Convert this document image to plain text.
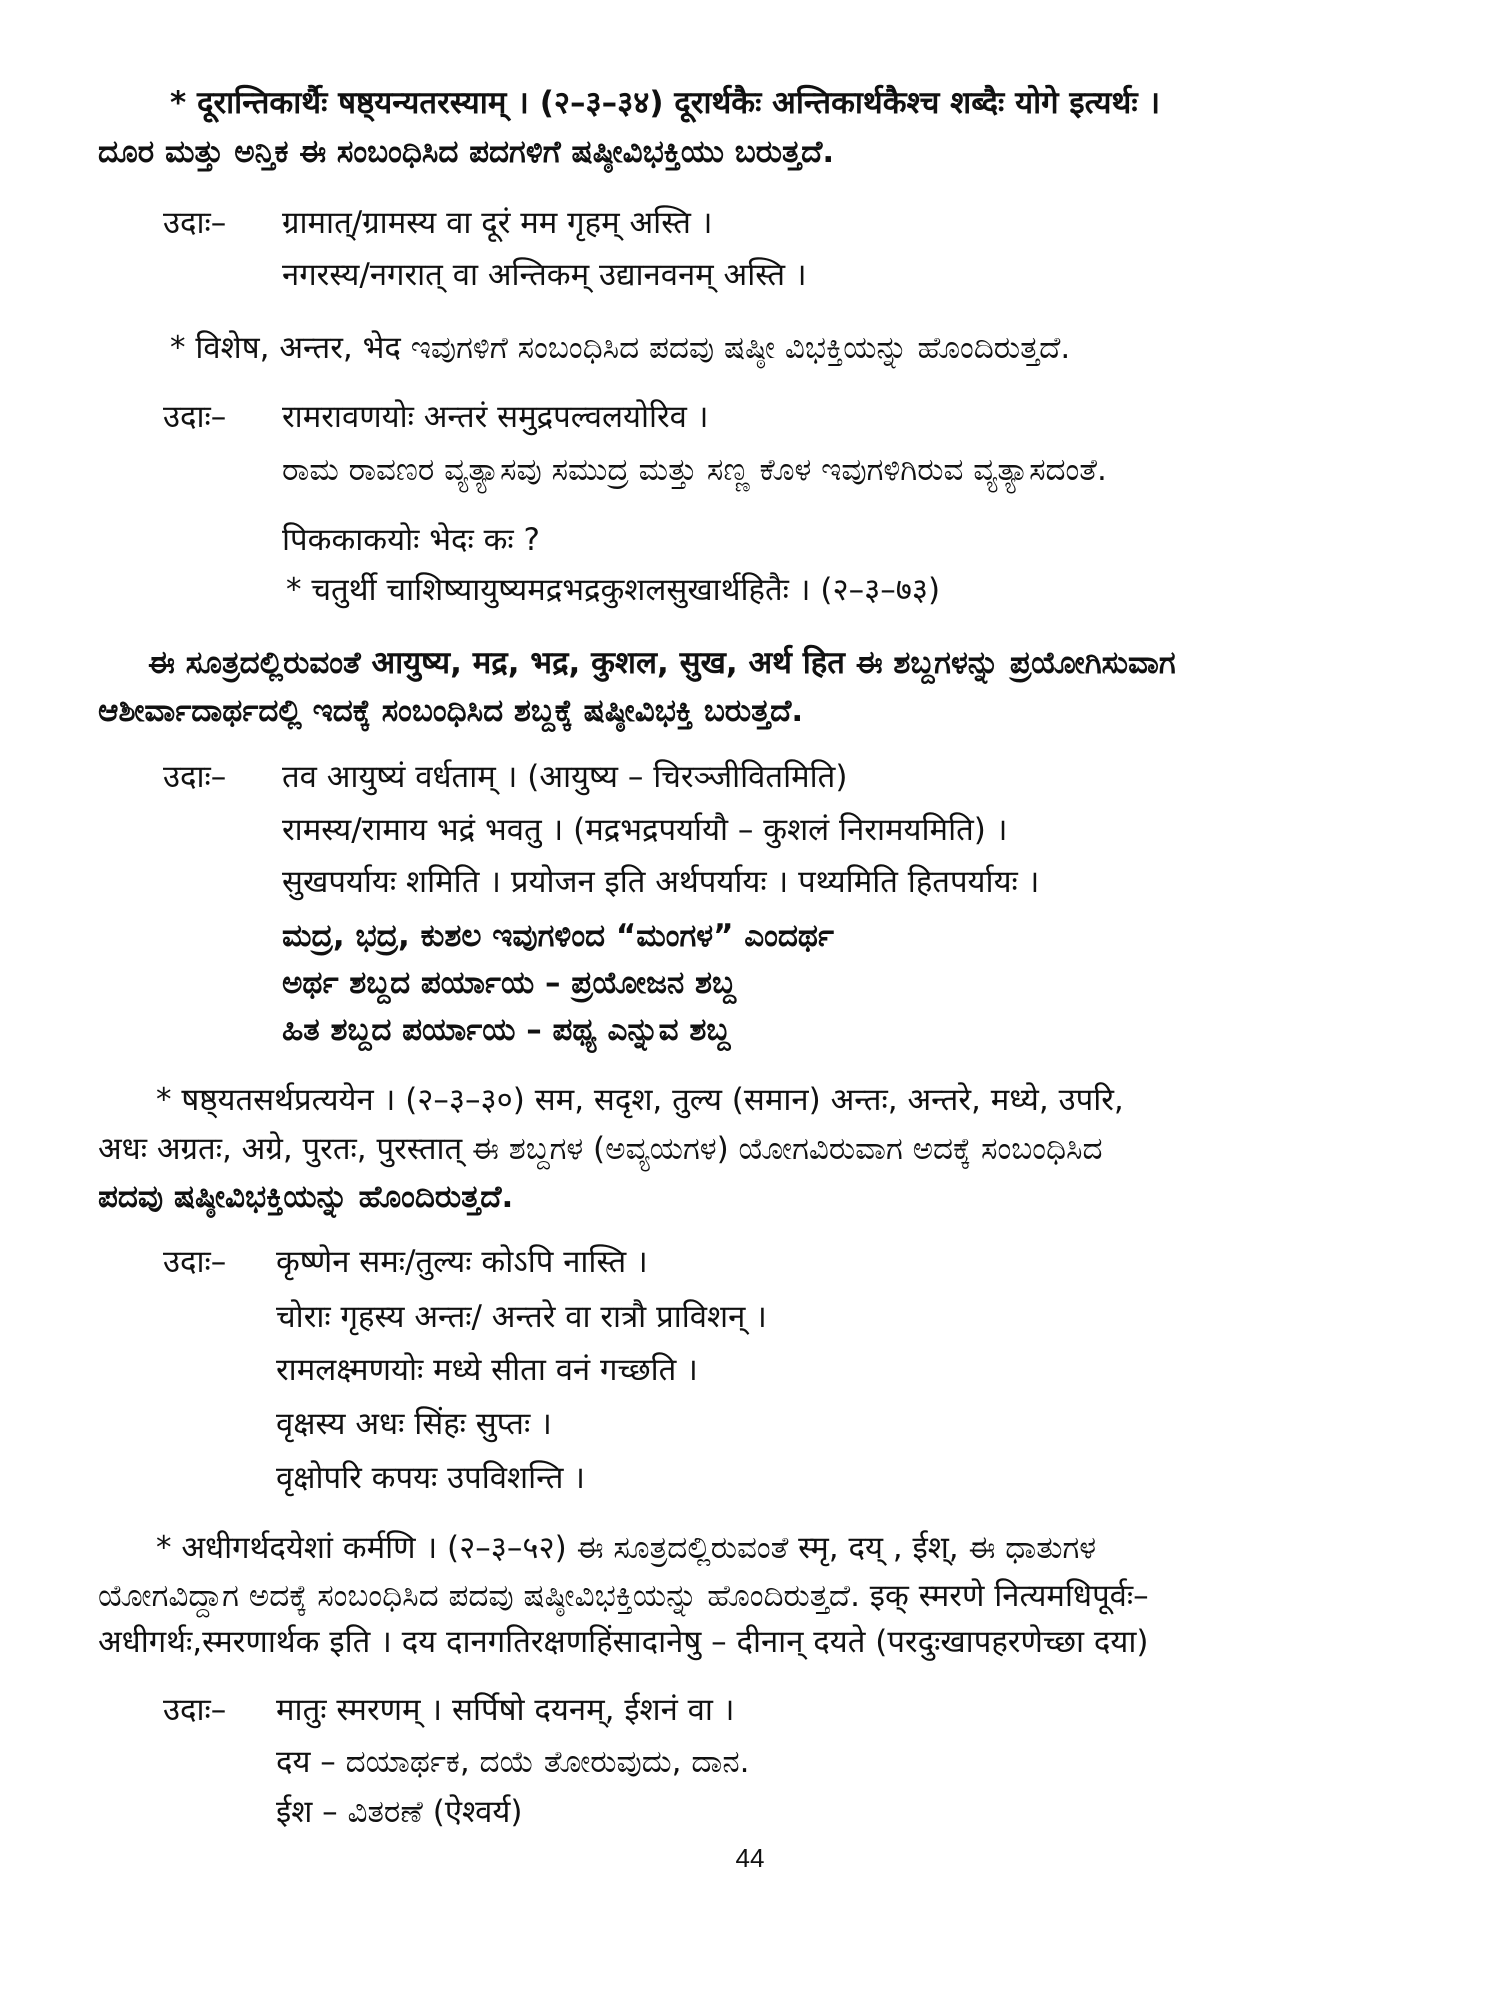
* दूरान्तिकार्थैः षष्ठ्यन्यतरस्याम् । (२–३–३४) दूरार्थकैः अन्तिकार्थकैश्च शब्दैः योगे इत्यर्थः ।
ದೂರ ಮತ್ತು ಅನ್ತಿಕ ಈ ಸಂಬಂಧಿಸಿದ ಪದಗಳಿಗೆ ಷಷ್ಠೀವಿಭಕ್ತಿಯು ಬರುತ್ತದೆ.
उदाः– ग्रामात्/ग्रामस्य वा दूरं मम गृहम् अस्ति ।
नगरस्य/नगरात् वा अन्तिकम् उद्यानवनम् अस्ति ।
* विशेष, अन्तर, भेद ಇವುಗಳಿಗೆ ಸಂಬಂಧಿಸಿದ ಪದವು ಷಷ್ಠೀ ವಿಭಕ್ತಿಯನ್ನು ಹೊಂದಿರುತ್ತದೆ.
उदाः– रामरावणयोः अन्तरं समुद्रपल्वलयोरिव ।
ರಾಮ ರಾವಣರ ವ್ಯತ್ಯಾಸವು ಸಮುದ್ರ ಮತ್ತು ಸಣ್ಣ ಕೊಳ ಇವುಗಳಿಗಿರುವ ವ್ಯತ್ಯಾಸದಂತೆ.
पिककाकयोः भेदः कः ?
* चतुर्थी चाशिष्यायुष्यमद्रभद्रकुशलसुखार्थहितैः । (२–३–७३)
ಈ ಸೂತ್ರದಲ್ಲಿರುವಂತೆ आयुष्य, मद्र, भद्र, कुशल, सुख, अर्थ हित ಈ ಶಬ್ದಗಳನ್ನು ಪ್ರಯೋಗಿಸುವಾಗ
ಆಶೀರ್ವಾದಾರ್ಥದಲ್ಲಿ ಇದಕ್ಕೆ ಸಂಬಂಧಿಸಿದ ಶಬ್ದಕ್ಕೆ ಷಷ್ಠೀವಿಭಕ್ತಿ ಬರುತ್ತದೆ.
उदाः– तव आयुष्यं वर्धताम् । (आयुष्य – चिरञ्जीवितमिति)
रामस्य/रामाय भद्रं भवतु । (मद्रभद्रपर्यायौ – कुशलं निरामयमिति) ।
सुखपर्यायः शमिति । प्रयोजन इति अर्थपर्यायः । पथ्यमिति हितपर्यायः ।
ಮದ್ರ, ಭದ್ರ, ಕುಶಲ ಇವುಗಳಿಂದ “ಮಂಗಳ” ಎಂದರ್ಥ
ಅರ್ಥ ಶಬ್ದದ ಪರ್ಯಾಯ – ಪ್ರಯೋಜನ ಶಬ್ದ
ಹಿತ ಶಬ್ದದ ಪರ್ಯಾಯ – ಪಥ್ಯ ಎನ್ನುವ ಶಬ್ದ
* षष्ठ्यतसर्थप्रत्ययेन । (२–३–३०) सम, सदृश, तुल्य (समान) अन्तः, अन्तरे, मध्ये, उपरि,
अधः अग्रतः, अग्रे, पुरतः, पुरस्तात् ಈ ಶಬ್ದಗಳ (ಅವ್ಯಯಗಳ) ಯೋಗವಿರುವಾಗ ಅದಕ್ಕೆ ಸಂಬಂಧಿಸಿದ
ಪದವು ಷಷ್ಠೀವಿಭಕ್ತಿಯನ್ನು ಹೊಂದಿರುತ್ತದೆ.
उदाः– कृष्णेन समः/तुल्यः कोऽपि नास्ति ।
चोराः गृहस्य अन्तः/ अन्तरे वा रात्रौ प्राविशन् ।
रामलक्ष्मणयोः मध्ये सीता वनं गच्छति ।
वृक्षस्य अधः सिंहः सुप्तः ।
वृक्षोपरि कपयः उपविशन्ति ।
* अधीगर्थदयेशां कर्मणि । (२–३–५२) ಈ ಸೂತ್ರದಲ್ಲಿರುವಂತೆ स्मृ, दय् , ईश्, ಈ ಧಾತುಗಳ
ಯೋಗವಿದ್ದಾಗ ಅದಕ್ಕೆ ಸಂಬಂಧಿಸಿದ ಪದವು ಷಷ್ಠೀವಿಭಕ್ತಿಯನ್ನು ಹೊಂದಿರುತ್ತದೆ. इक् स्मरणे नित्यमधिपूर्वः–
अधीगर्थः,स्मरणार्थक इति । दय दानगतिरक्षणहिंसादानेषु – दीनान् दयते (परदुःखापहरणेच्छा दया)
उदाः– मातुः स्मरणम् । सर्पिषो दयनम्, ईशनं वा ।
दय – ದಯಾರ್ಥಕ, ದಯೆ ತೋರುವುದು, ದಾನ.
ईश – ವಿತರಣೆ (ऐश्वर्य)
44
